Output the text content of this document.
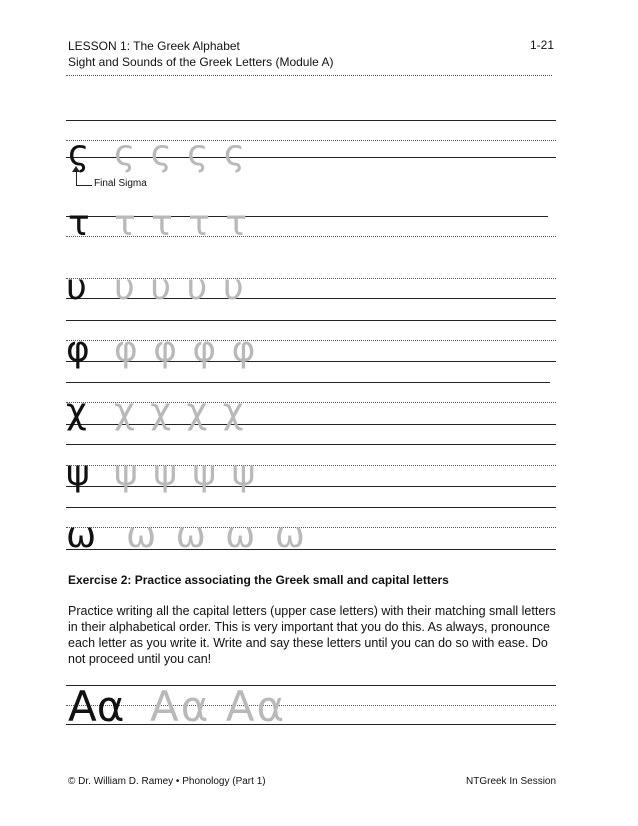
LESSON 1: The Greek Alphabet
Sight and Sounds of the Greek Letters (Module A)
1-21
ς ς ς ς ς
Final Sigma
τ τ τ τ τ
υ υ υ υ υ
φ φ φ φ φ
χ χ χ χ χ
ψ ψ ψ ψ ψ
ω ω ω ω ω
Exercise 2: Practice associating the Greek small and capital letters
Practice writing all the capital letters (upper case letters) with their matching small letters in their alphabetical order. This is very important that you do this. As always, pronounce each letter as you write it. Write and say these letters until you can do so with ease. Do not proceed until you can!
Αα Αα Αα
© Dr. William D. Ramey • Phonology (Part 1)	NTGreek In Session
